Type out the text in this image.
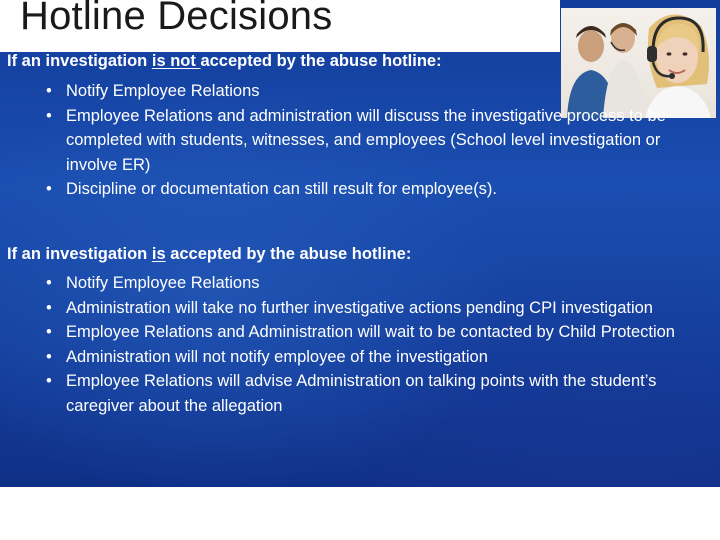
Hotline Decisions

If an investigation is not accepted by the abuse hotline:

• Notify Employee Relations
• Employee Relations and administration will discuss the investigative process to be completed with students, witnesses, and employees (School level investigation or involve ER)
• Discipline or documentation can still result for employee(s).

If an investigation is accepted by the abuse hotline:

• Notify Employee Relations
• Administration will take no further investigative actions pending CPI investigation
• Employee Relations and Administration will wait to be contacted by Child Protection
• Administration will not notify employee of the investigation
• Employee Relations will advise Administration on talking points with the student’s caregiver about the allegation
